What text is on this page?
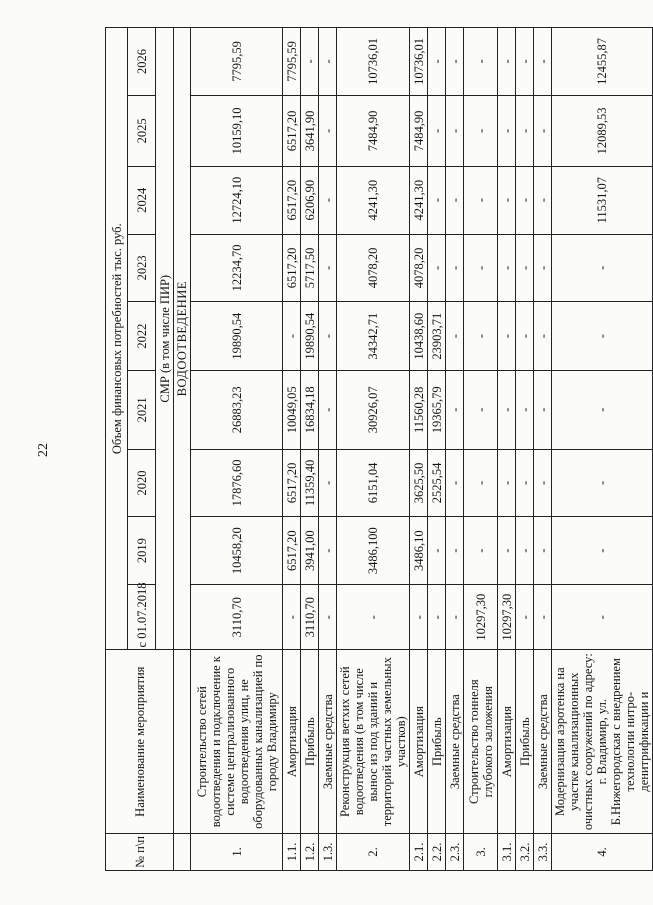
22
№ п\п	Наименование мероприятия	Объем финансовых потребностей тыс. руб.								
		с 01.07.2018	2019	2020	2021	2022	2023	2024	2025	2026
		СМР (в том числе ПИР)								
		ВОДООТВЕДЕНИЕ								
1.	Строительство сетей водоотведения и подключение к системе централизованного водоотведения улиц, не оборудованных канализацией по городу Владимиру	3110,70	10458,20	17876,60	26883,23	19890,54	12234,70	12724,10	10159,10	7795,59
1.1.	Амортизация	-	6517,20	6517,20	10049,05	-	6517,20	6517,20	6517,20	7795,59
1.2.	Прибыль	3110,70	3941,00	11359,40	16834,18	19890,54	5717,50	6206,90	3641,90	-
1.3.	Заемные средства	-	-	-	-	-	-	-	-	-
2.	Реконструкция ветхих сетей водоотведения (в том числе вынос из под зданий и территорий частных земельных участков)	-	3486,100	6151,04	30926,07	34342,71	4078,20	4241,30	7484,90	10736,01
2.1.	Амортизация	-	3486,10	3625,50	11560,28	10438,60	4078,20	4241,30	7484,90	10736,01
2.2.	Прибыль	-	-	2525,54	19365,79	23903,71	-	-	-	-
2.3.	Заемные средства	-	-	-	-	-	-	-	-	-
3.	Строительство тоннеля глубокого заложения	10297,30	-	-	-	-	-	-	-	-
3.1.	Амортизация	10297,30	-	-	-	-	-	-	-	-
3.2.	Прибыль	-	-	-	-	-	-	-	-	-
3.3.	Заемные средства	-	-	-	-	-	-	-	-	-
4.	Модернизация аэротенка на участке канализационных очистных сооружений по адресу: г. Владимир, ул. Б.Нижегородская с внедрением технологии нитро-денитрификации и	-	-	-	-	-	-	11531,07	12089,53	12455,87
